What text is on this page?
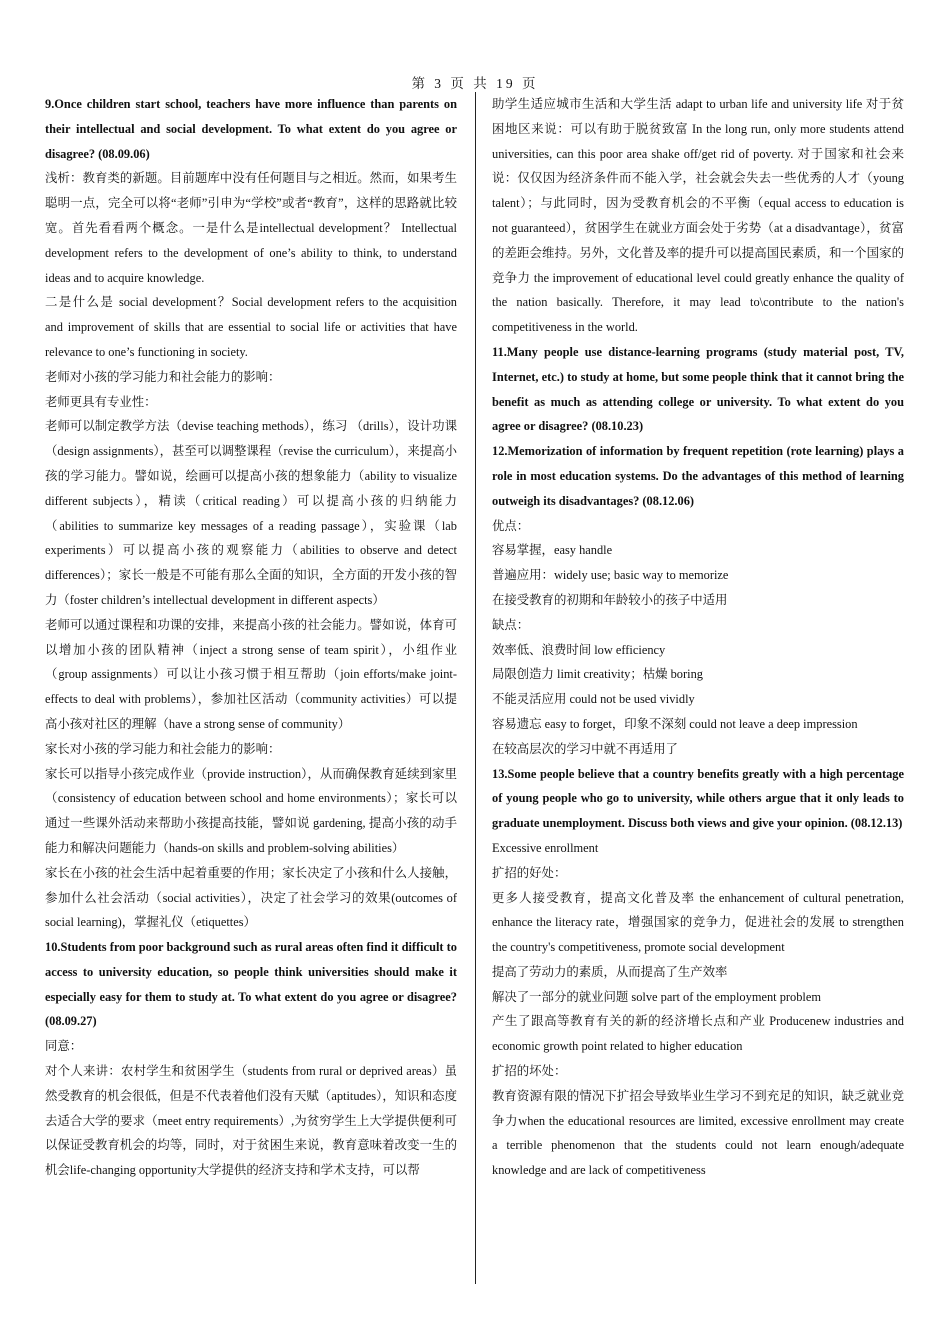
第 3 页 共 19 页

9.Once children start school, teachers have more influence than parents on their intellectual and social development. To what extent do you agree or disagree? (08.09.06)

浅析：教育类的新题。目前题库中没有任何题目与之相近。然而，如果考生聪明一点，完全可以将“老师”引申为“学校”或者“教育”，这样的思路就比较宽。首先看看两个概念。一是什么是intellectual development？ Intellectual development refers to the development of one’s ability to think, to understand ideas and to acquire knowledge.

二是什么是 social development？Social development refers to the acquisition and improvement of skills that are essential to social life or activities that have relevance to one’s functioning in society.

老师对小孩的学习能力和社会能力的影响：

老师更具有专业性：

老师可以制定教学方法（devise teaching methods），练习 （drills），设计功课（design assignments），甚至可以调整课程（revise the curriculum），来提高小孩的学习能力。譬如说，绘画可以提高小孩的想象能力（ability to visualize different subjects），精读（critical reading）可以提高小孩的归纳能力（abilities to summarize key messages of a reading passage），实验课（lab experiments）可以提高小孩的观察能力（abilities to observe and detect differences）；家长一般是不可能有那么全面的知识，全方面的开发小孩的智力（foster children’s intellectual development in different aspects）

老师可以通过课程和功课的安排，来提高小孩的社会能力。譬如说，体育可以增加小孩的团队精神（inject a strong sense of team spirit），小组作业（group assignments）可以让小孩习惯于相互帮助（join efforts/make joint-effects to deal with problems），参加社区活动（community activities）可以提高小孩对社区的理解（have a strong sense of community）

家长对小孩的学习能力和社会能力的影响：

家长可以指导小孩完成作业（provide instruction），从而确保教育延续到家里（consistency of education between school and home environments）；家长可以通过一些课外活动来帮助小孩提高技能，譬如说 gardening, 提高小孩的动手能力和解决问题能力（hands-on skills and problem-solving abilities）

家长在小孩的社会生活中起着重要的作用；家长决定了小孩和什么人接触，参加什么社会活动（social activities），决定了社会学习的效果(outcomes of social learning)，掌握礼仪（etiquettes）

10.Students from poor background such as rural areas often find it difficult to access to university education, so people think universities should make it especially easy for them to study at. To what extent do you agree or disagree? (08.09.27)

同意：

对个人来讲：农村学生和贫困学生（students from rural or deprived areas）虽然受教育的机会很低，但是不代表着他们没有天赋（aptitudes），知识和态度去适合大学的要求（meet entry requirements）,为贫穷学生上大学提供便利可以保证受教育机会的均等，同时，对于贫困生来说，教育意味着改变一生的机会life-changing opportunity大学提供的经济支持和学术支持，可以帮

助学生适应城市生活和大学生活 adapt to urban life and university life 对于贫困地区来说：可以有助于脱贫致富 In the long run, only more students attend universities, can this poor area shake off/get rid of poverty. 对于国家和社会来说：仅仅因为经济条件而不能入学，社会就会失去一些优秀的人才（young talent）；与此同时，因为受教育机会的不平衡（equal access to education is not guaranteed），贫困学生在就业方面会处于劣势（at a disadvantage），贫富的差距会维持。另外，文化普及率的提升可以提高国民素质，和一个国家的竞争力 the improvement of educational level could greatly enhance the quality of the nation basically. Therefore, it may lead to\contribute to the nation's competitiveness in the world.

11.Many people use distance-learning programs (study material post, TV, Internet, etc.) to study at home, but some people think that it cannot bring the benefit as much as attending college or university. To what extent do you agree or disagree? (08.10.23)

12.Memorization of information by frequent repetition (rote learning) plays a role in most education systems. Do the advantages of this method of learning outweigh its disadvantages? (08.12.06)

优点：

容易掌握，easy handle

普遍应用：widely use; basic way to memorize

在接受教育的初期和年龄较小的孩子中适用

缺点：

效率低、浪费时间 low efficiency

局限创造力 limit creativity；枯燥 boring

不能灵活应用 could not be used vividly

容易遗忘 easy to forget，印象不深刻 could not leave a deep impression

在较高层次的学习中就不再适用了

13.Some people believe that a country benefits greatly with a high percentage of young people who go to university, while others argue that it only leads to graduate unemployment. Discuss both views and give your opinion. (08.12.13)

Excessive enrollment

扩招的好处：

更多人接受教育，提高文化普及率 the enhancement of cultural penetration, enhance the literacy rate，增强国家的竞争力，促进社会的发展 to strengthen the country's competitiveness, promote social development

提高了劳动力的素质，从而提高了生产效率

解决了一部分的就业问题 solve part of the employment problem

产生了跟高等教育有关的新的经济增长点和产业 Producenew industries and economic growth point related to higher education

扩招的坏处：

教育资源有限的情况下扩招会导致毕业生学习不到充足的知识，缺乏就业竞争力when the educational resources are limited, excessive enrollment may create a terrible phenomenon that the students could not learn enough/adequate knowledge and are lack of competitiveness
